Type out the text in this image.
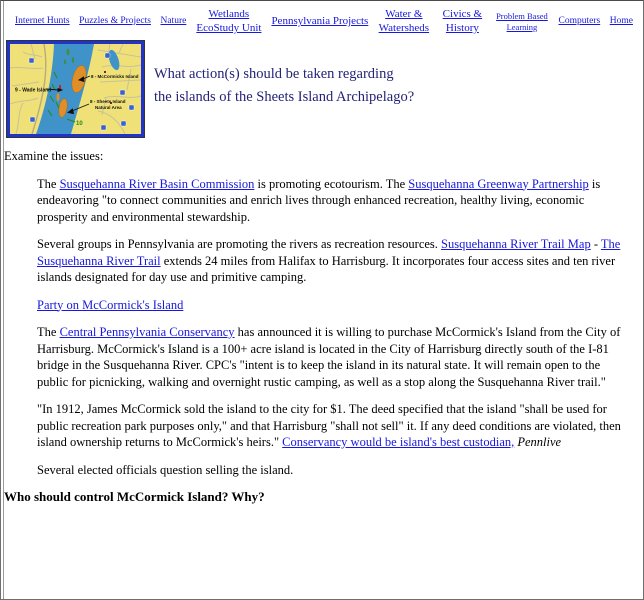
Internet Hunts Puzzles & Projects Nature
Wetlands EcoStudy Unit
Pennsylvania Projects
Water & Watersheds
Civics & History
Problem Based Learning
Computers Home
9 - Wade Island
8 - McCormicks Island
8 - Sheets Island
Natural Area
10
What action(s) should be taken regarding
the islands of the Sheets Island Archipelago?

Examine the issues:

The Susquehanna River Basin Commission is promoting ecotourism. The Susquehanna Greenway Partnership is endeavoring "to connect communities and enrich lives through enhanced recreation, healthy living, economic prosperity and environmental stewardship.

Several groups in Pennsylvania are promoting the rivers as recreation resources. Susquehanna River Trail Map - The Susquehanna River Trail extends 24 miles from Halifax to Harrisburg. It incorporates four access sites and ten river islands designated for day use and primitive camping.

Party on McCormick's Island

The Central Pennsylvania Conservancy has announced it is willing to purchase McCormick's Island from the City of Harrisburg. McCormick's Island is a 100+ acre island is located in the City of Harrisburg directly south of the I-81 bridge in the Susquehanna River. CPC's "intent is to keep the island in its natural state. It will remain open to the public for picnicking, walking and overnight rustic camping, as well as a stop along the Susquehanna River trail."

"In 1912, James McCormick sold the island to the city for $1. The deed specified that the island "shall be used for public recreation park purposes only," and that Harrisburg "shall not sell" it. If any deed conditions are violated, then island ownership returns to McCormick's heirs." Conservancy would be island's best custodian, Pennlive

Several elected officials question selling the island.

Who should control McCormick Island? Why?
